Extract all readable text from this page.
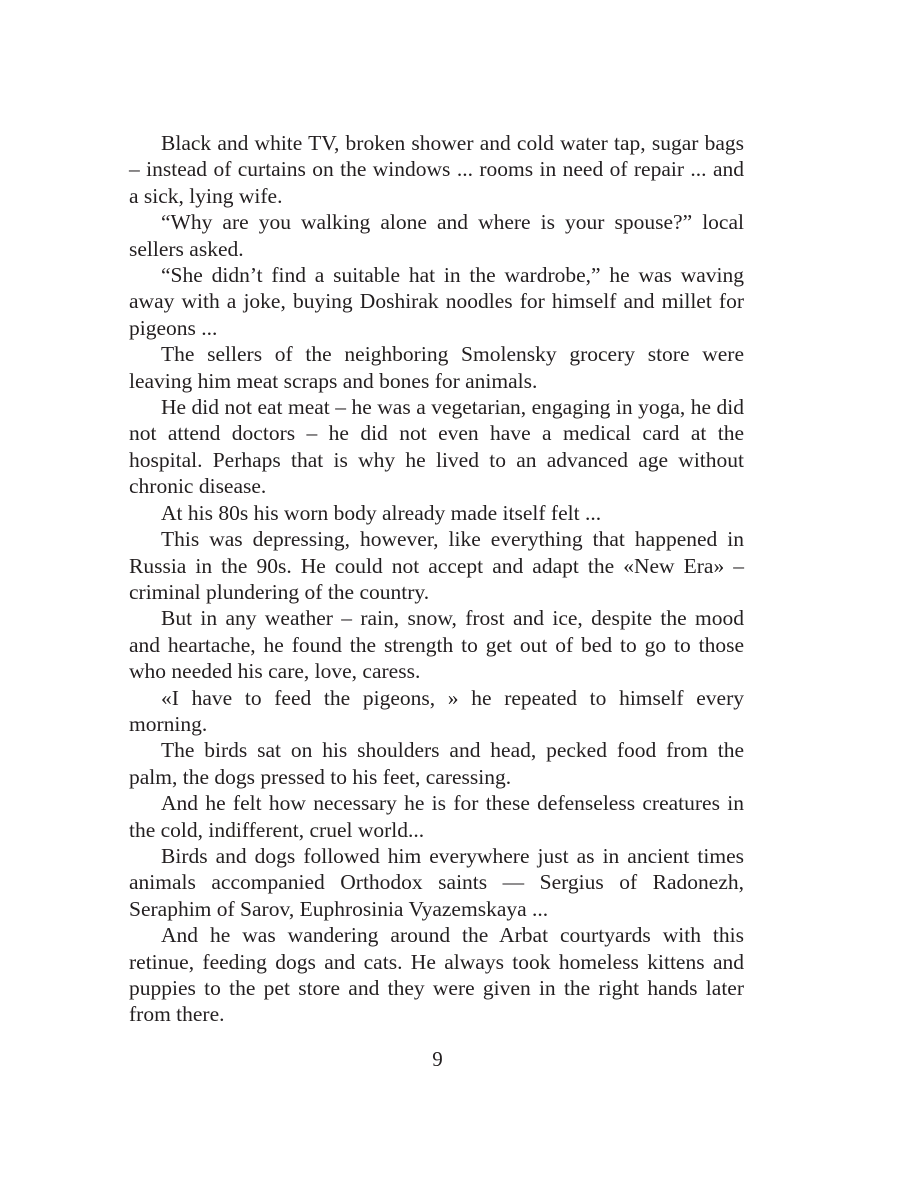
Black and white TV, broken shower and cold water tap, sugar bags – instead of curtains on the windows ... rooms in need of repair ... and a sick, lying wife.

“Why are you walking alone and where is your spouse?” local sellers asked.

“She didn’t find a suitable hat in the wardrobe,” he was waving away with a joke, buying Doshirak noodles for himself and millet for pigeons ...

The sellers of the neighboring Smolensky grocery store were leaving him meat scraps and bones for animals.

He did not eat meat – he was a vegetarian, engaging in yoga, he did not attend doctors – he did not even have a medical card at the hospital. Perhaps that is why he lived to an advanced age without chronic disease.

At his 80s his worn body already made itself felt ...

This was depressing, however, like everything that happened in Russia in the 90s. He could not accept and adapt the «New Era» – criminal plundering of the country.

But in any weather – rain, snow, frost and ice, despite the mood and heartache, he found the strength to get out of bed to go to those who needed his care, love, caress.

«I have to feed the pigeons, » he repeated to himself every morning.

The birds sat on his shoulders and head, pecked food from the palm, the dogs pressed to his feet, caressing.

And he felt how necessary he is for these defenseless creatures in the cold, indifferent, cruel world...

Birds and dogs followed him everywhere just as in ancient times animals accompanied Orthodox saints — Sergius of Radonezh, Seraphim of Sarov, Euphrosinia Vyazemskaya ...

And he was wandering around the Arbat courtyards with this retinue, feeding dogs and cats. He always took homeless kittens and puppies to the pet store and they were given in the right hands later from there.

9
